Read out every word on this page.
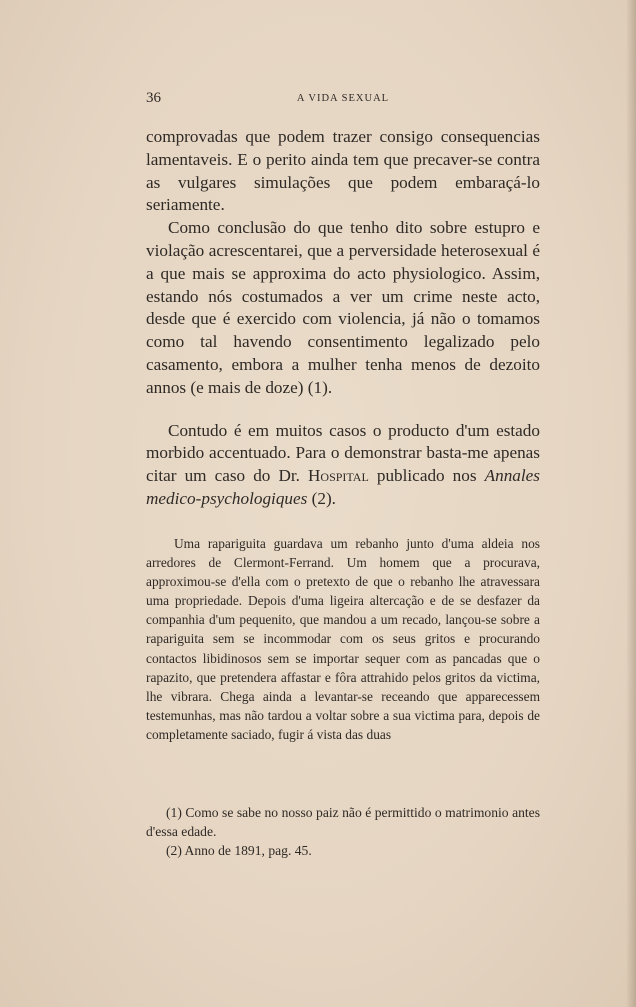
36	A VIDA SEXUAL

comprovadas que podem trazer consigo consequencias lamentaveis. E o perito ainda tem que precaver-se contra as vulgares simulações que podem embaraçá-lo seriamente.

Como conclusão do que tenho dito sobre estupro e violação acrescentarei, que a perversidade heterosexual é a que mais se approxima do acto physiologico. Assim, estando nós costumados a ver um crime neste acto, desde que é exercido com violencia, já não o tomamos como tal havendo consentimento legalizado pelo casamento, embora a mulher tenha menos de dezoito annos (e mais de doze) (1).

Contudo é em muitos casos o producto d'um estado morbido accentuado. Para o demonstrar basta-me apenas citar um caso do Dr. Hospital publicado nos Annales medico-psychologiques (2).

Uma rapariguita guardava um rebanho junto d'uma aldeia nos arredores de Clermont-Ferrand. Um homem que a procurava, approximou-se d'ella com o pretexto de que o rebanho lhe atravessara uma propriedade. Depois d'uma ligeira altercação e de se desfazer da companhia d'um pequenito, que mandou a um recado, lançou-se sobre a rapariguita sem se incommodar com os seus gritos e procurando contactos libidinosos sem se importar sequer com as pancadas que o rapazito, que pretendera affastar e fôra attrahido pelos gritos da victima, lhe vibrara. Chega ainda a levantar-se receando que apparecessem testemunhas, mas não tardou a voltar sobre a sua victima para, depois de completamente saciado, fugir á vista das duas

(1) Como se sabe no nosso paiz não é permittido o matrimonio antes d'essa edade.

(2) Anno de 1891, pag. 45.
